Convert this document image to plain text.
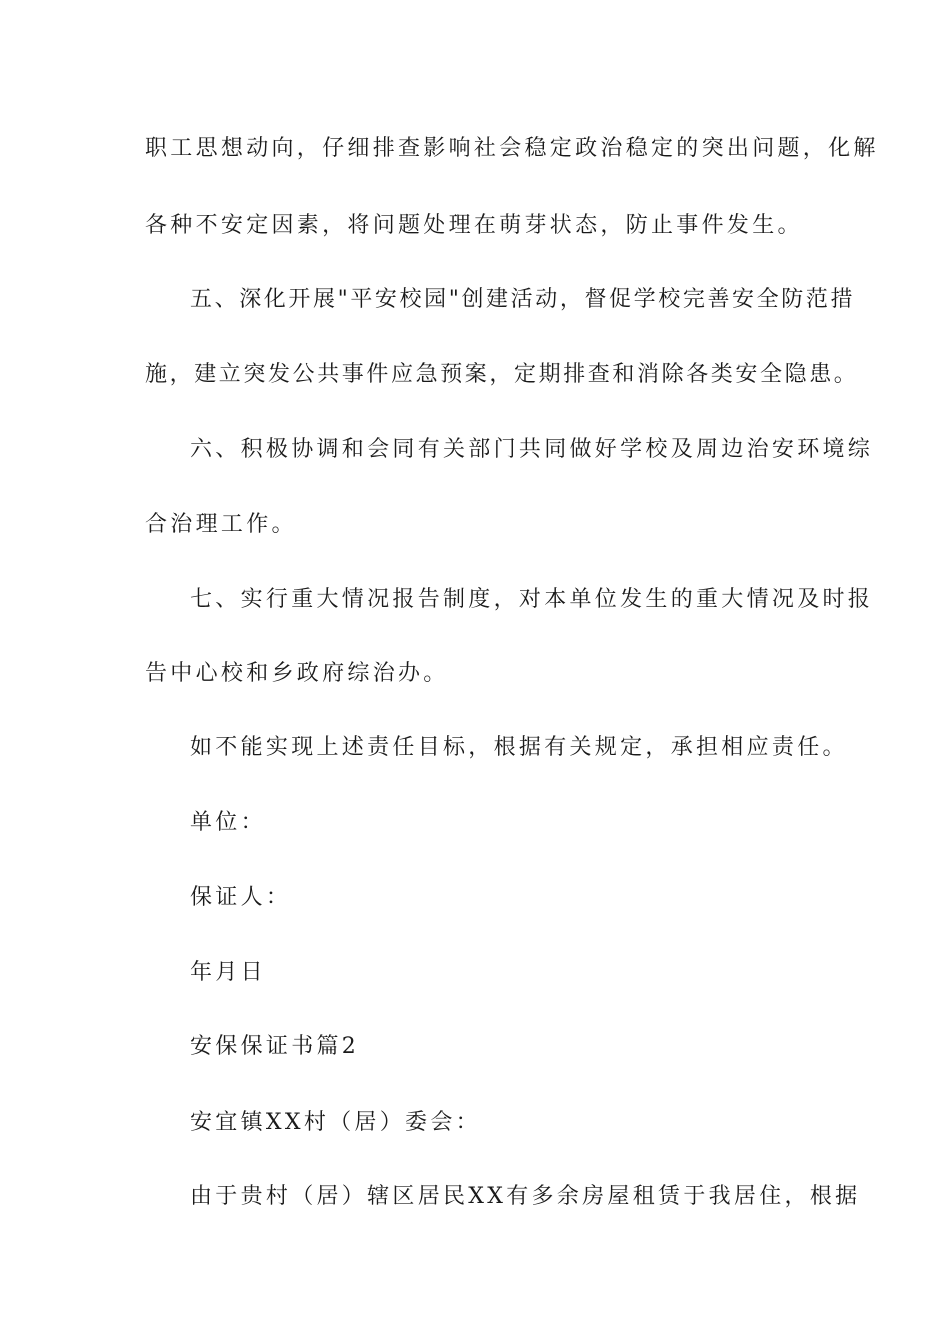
职工思想动向，仔细排查影响社会稳定政治稳定的突出问题，化解
各种不安定因素，将问题处理在萌芽状态，防止事件发生。
五、深化开展"平安校园"创建活动，督促学校完善安全防范措
施，建立突发公共事件应急预案，定期排查和消除各类安全隐患。
六、积极协调和会同有关部门共同做好学校及周边治安环境综
合治理工作。
七、实行重大情况报告制度，对本单位发生的重大情况及时报
告中心校和乡政府综治办。
如不能实现上述责任目标，根据有关规定，承担相应责任。
单位：
保证人：
年月日
安保保证书篇2
安宜镇XX村（居）委会：
由于贵村（居）辖区居民XX有多余房屋租赁于我居住，根据
